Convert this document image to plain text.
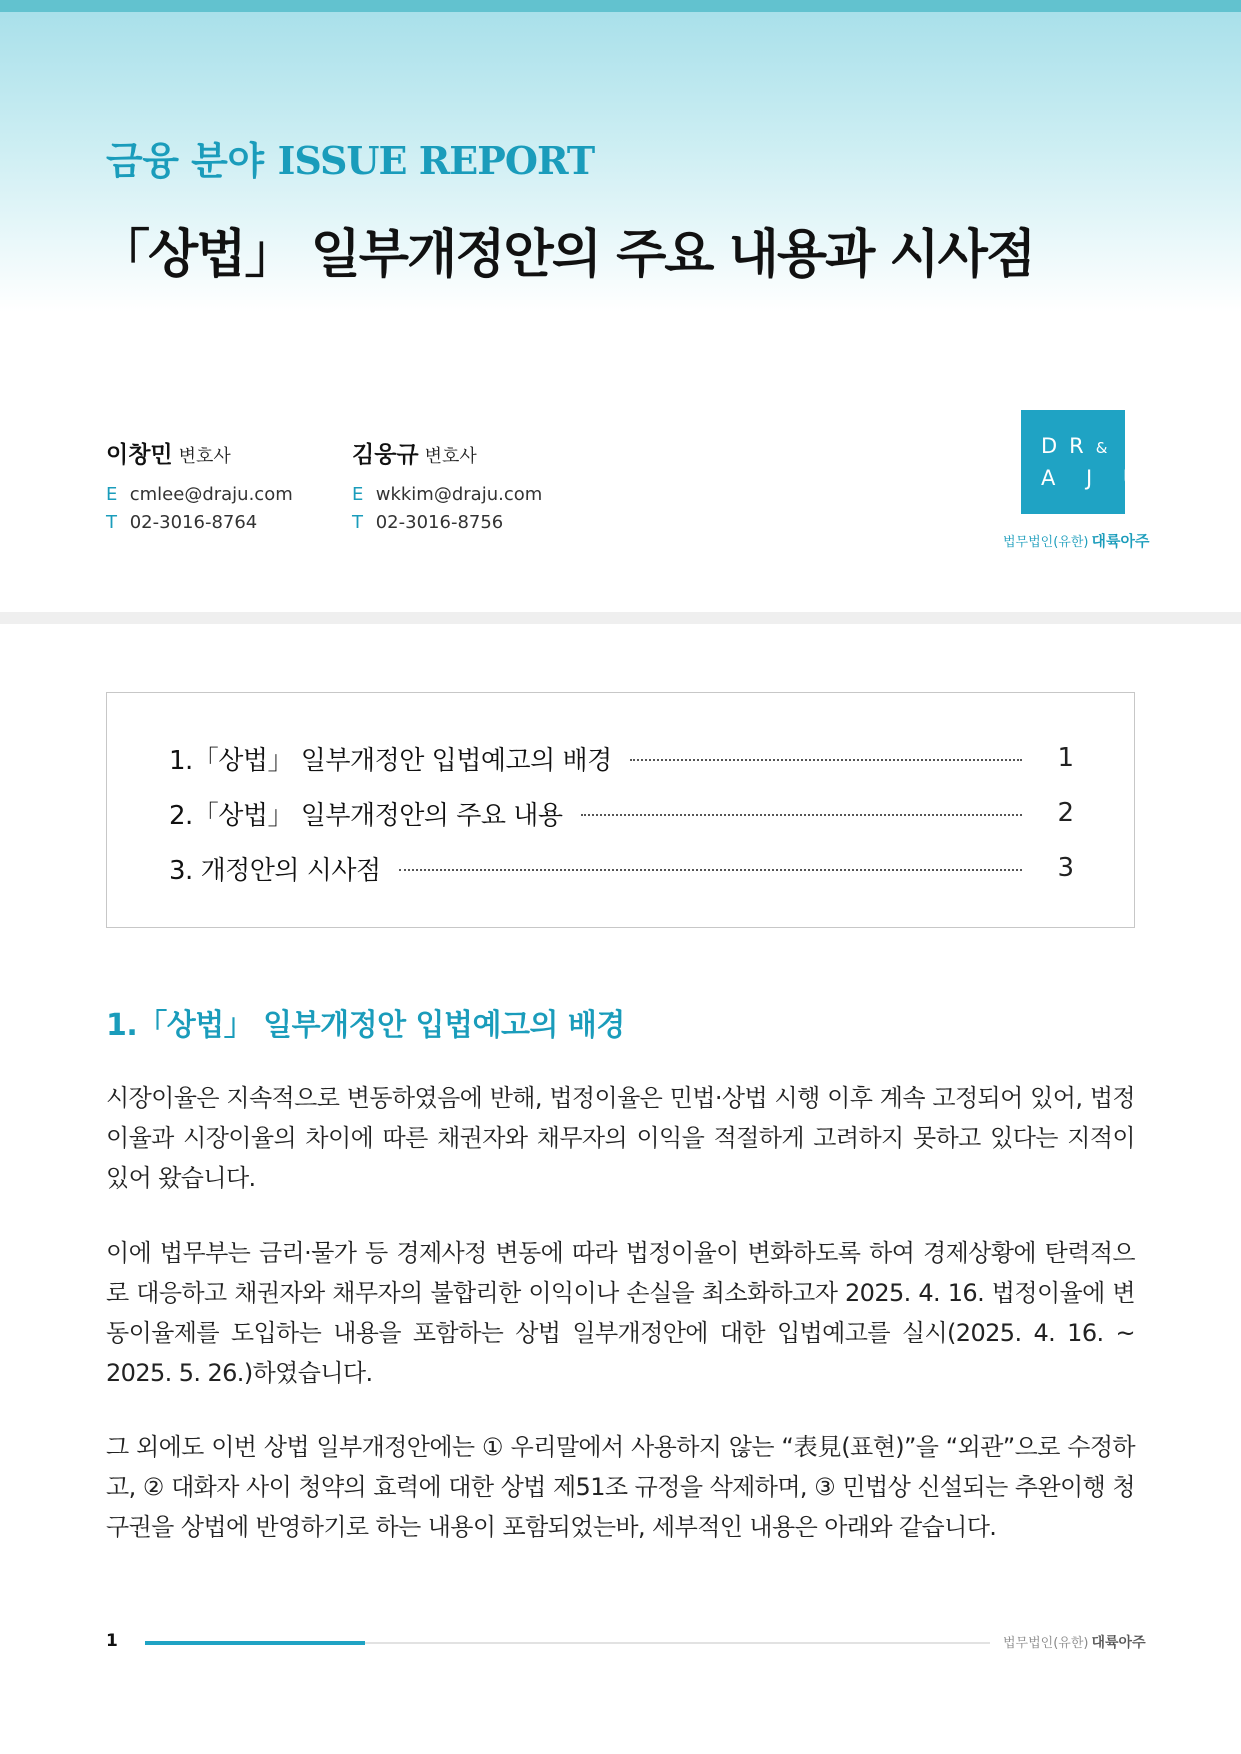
금융 분야 ISSUE REPORT
「상법」 일부개정안의 주요 내용과 시사점
이창민 변호사
E cmlee@draju.com
T 02-3016-8764
김웅규 변호사
E wkkim@draju.com
T 02-3016-8756
DR&
A J U
법무법인(유한) 대륙아주
1.「상법」 일부개정안 입법예고의 배경	1
2.「상법」 일부개정안의 주요 내용	2
3. 개정안의 시사점	3
1.「상법」 일부개정안 입법예고의 배경

시장이율은 지속적으로 변동하였음에 반해, 법정이율은 민법·상법 시행 이후 계속 고정되어 있어, 법정이율과 시장이율의 차이에 따른 채권자와 채무자의 이익을 적절하게 고려하지 못하고 있다는 지적이 있어 왔습니다.

이에 법무부는 금리·물가 등 경제사정 변동에 따라 법정이율이 변화하도록 하여 경제상황에 탄력적으로 대응하고 채권자와 채무자의 불합리한 이익이나 손실을 최소화하고자 2025. 4. 16. 법정이율에 변동이율제를 도입하는 내용을 포함하는 상법 일부개정안에 대한 입법예고를 실시(2025. 4. 16. ~ 2025. 5. 26.)하였습니다.

그 외에도 이번 상법 일부개정안에는 ① 우리말에서 사용하지 않는 “表見(표현)”을 “외관”으로 수정하고, ② 대화자 사이 청약의 효력에 대한 상법 제51조 규정을 삭제하며, ③ 민법상 신설되는 추완이행 청구권을 상법에 반영하기로 하는 내용이 포함되었는바, 세부적인 내용은 아래와 같습니다.

1	법무법인(유한) 대륙아주
